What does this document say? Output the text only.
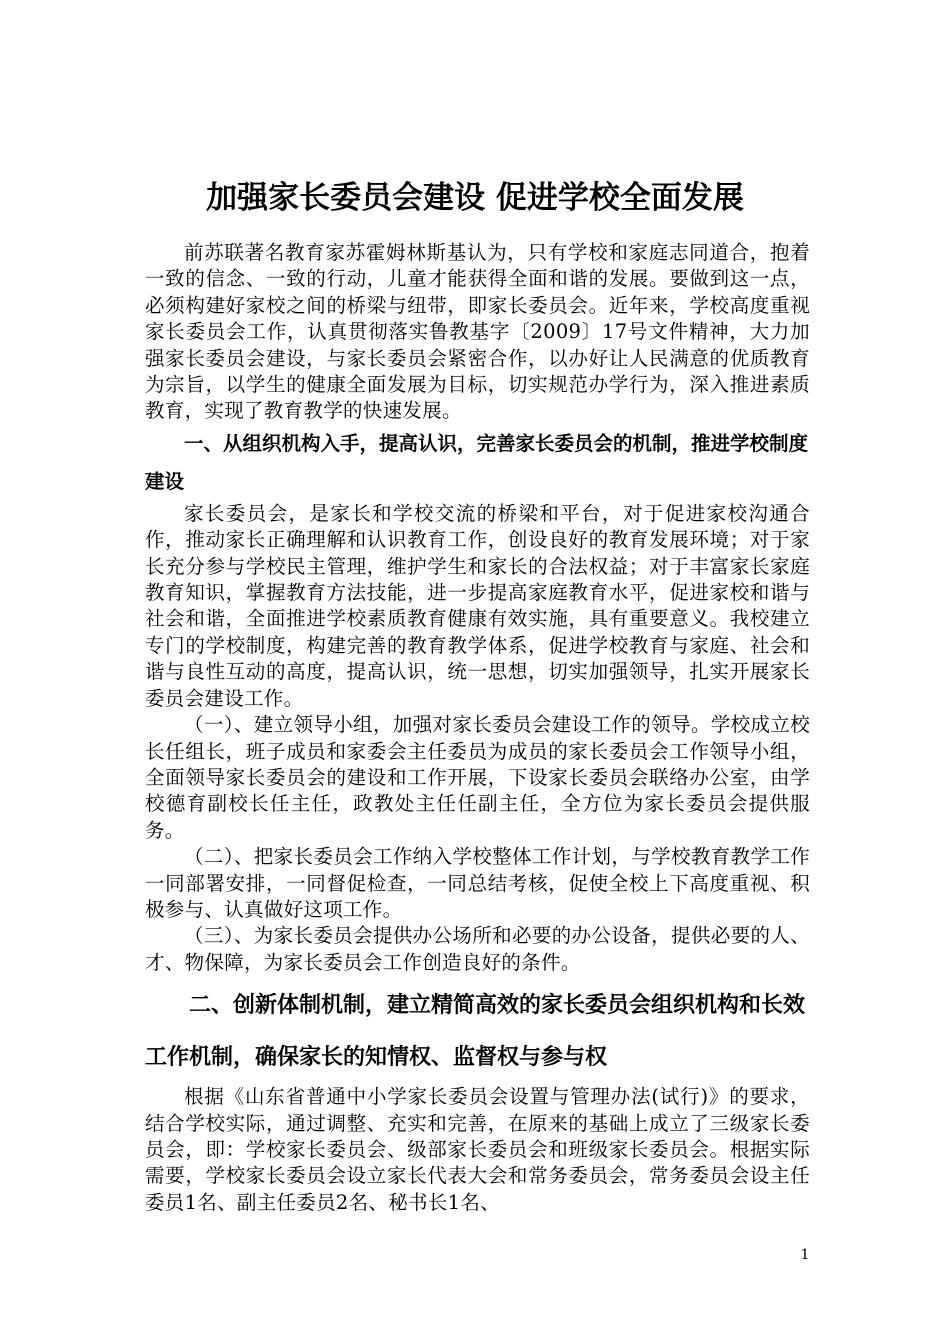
加强家长委员会建设 促进学校全面发展

前苏联著名教育家苏霍姆林斯基认为，只有学校和家庭志同道合，抱着一致的信念、一致的行动，儿童才能获得全面和谐的发展。要做到这一点，必须构建好家校之间的桥梁与纽带，即家长委员会。近年来，学校高度重视家长委员会工作，认真贯彻落实鲁教基字〔2009〕17号文件精神，大力加强家长委员会建设，与家长委员会紧密合作，以办好让人民满意的优质教育为宗旨，以学生的健康全面发展为目标，切实规范办学行为，深入推进素质教育，实现了教育教学的快速发展。

一、从组织机构入手，提高认识，完善家长委员会的机制，推进学校制度建设

家长委员会，是家长和学校交流的桥梁和平台，对于促进家校沟通合作，推动家长正确理解和认识教育工作，创设良好的教育发展环境；对于家长充分参与学校民主管理，维护学生和家长的合法权益；对于丰富家长家庭教育知识，掌握教育方法技能，进一步提高家庭教育水平，促进家校和谐与社会和谐，全面推进学校素质教育健康有效实施，具有重要意义。我校建立专门的学校制度，构建完善的教育教学体系，促进学校教育与家庭、社会和谐与良性互动的高度，提高认识，统一思想，切实加强领导，扎实开展家长委员会建设工作。

（一）、建立领导小组，加强对家长委员会建设工作的领导。学校成立校长任组长，班子成员和家委会主任委员为成员的家长委员会工作领导小组，全面领导家长委员会的建设和工作开展，下设家长委员会联络办公室，由学校德育副校长任主任，政教处主任任副主任，全方位为家长委员会提供服务。

（二）、把家长委员会工作纳入学校整体工作计划，与学校教育教学工作一同部署安排，一同督促检查，一同总结考核，促使全校上下高度重视、积极参与、认真做好这项工作。

（三）、为家长委员会提供办公场所和必要的办公设备，提供必要的人、才、物保障，为家长委员会工作创造良好的条件。

二、创新体制机制，建立精简高效的家长委员会组织机构和长效工作机制，确保家长的知情权、监督权与参与权

根据《山东省普通中小学家长委员会设置与管理办法(试行)》的要求，结合学校实际，通过调整、充实和完善，在原来的基础上成立了三级家长委员会，即：学校家长委员会、级部家长委员会和班级家长委员会。根据实际需要，学校家长委员会设立家长代表大会和常务委员会，常务委员会设主任委员1名、副主任委员2名、秘书长1名、

1
